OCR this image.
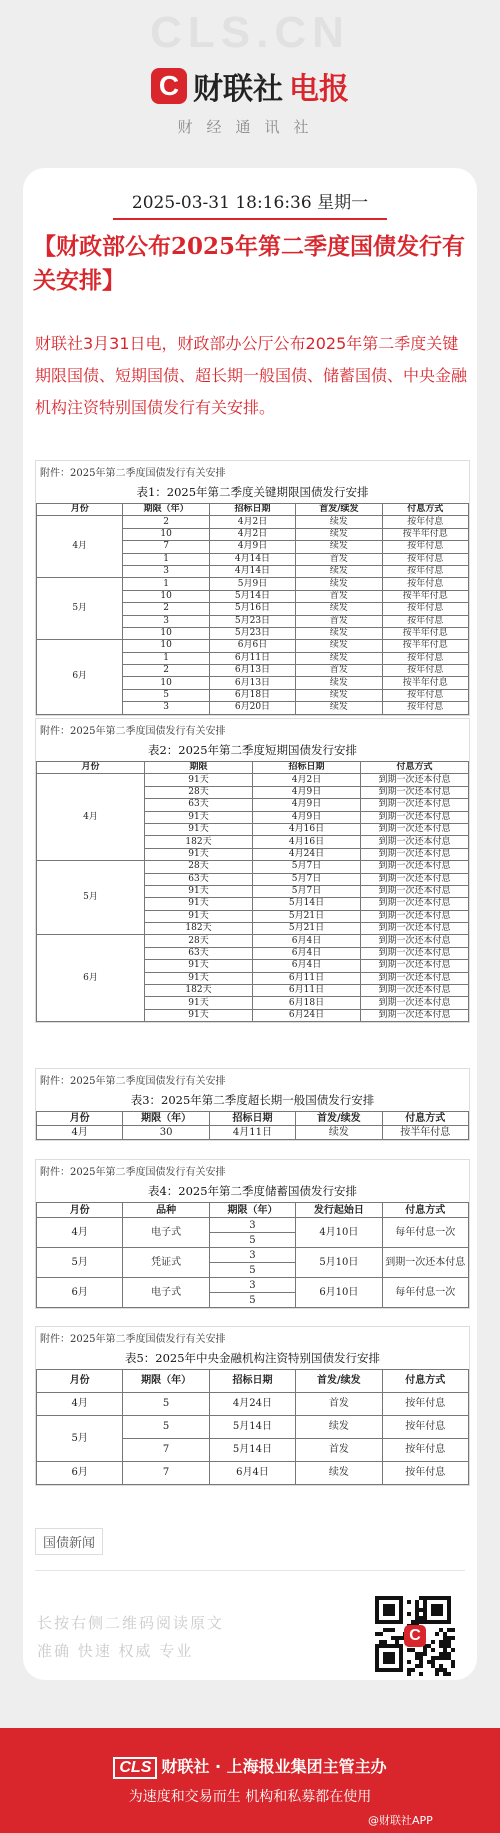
CLS.CN
C 财联社 电报
财经通讯社
2025-03-31 18:16:36 星期一
【财政部公布2025年第二季度国债发行有关安排】
财联社3月31日电，财政部办公厅公布2025年第二季度关键期限国债、短期国债、超长期一般国债、储蓄国债、中央金融机构注资特别国债发行有关安排。
附件：2025年第二季度国债发行有关安排
表1：2025年第二季度关键期限国债发行安排
月份	期限（年）	招标日期	首发/续发	付息方式
4月	2	4月2日	续发	按年付息
	10	4月2日	续发	按半年付息
	7	4月9日	续发	按年付息
	1	4月14日	首发	按年付息
	3	4月14日	续发	按年付息
5月	1	5月9日	续发	按年付息
	10	5月14日	首发	按半年付息
	2	5月16日	续发	按年付息
	3	5月23日	首发	按年付息
	10	5月23日	续发	按半年付息
6月	10	6月6日	续发	按半年付息
	1	6月11日	续发	按年付息
	2	6月13日	首发	按年付息
	10	6月13日	续发	按半年付息
	5	6月18日	续发	按年付息
	3	6月20日	续发	按年付息
附件：2025年第二季度国债发行有关安排
表2：2025年第二季度短期国债发行安排
月份	期限	招标日期	付息方式
4月	91天	4月2日	到期一次还本付息
	28天	4月9日	到期一次还本付息
	63天	4月9日	到期一次还本付息
	91天	4月9日	到期一次还本付息
	91天	4月16日	到期一次还本付息
	182天	4月16日	到期一次还本付息
	91天	4月24日	到期一次还本付息
5月	28天	5月7日	到期一次还本付息
	63天	5月7日	到期一次还本付息
	91天	5月7日	到期一次还本付息
	91天	5月14日	到期一次还本付息
	91天	5月21日	到期一次还本付息
	182天	5月21日	到期一次还本付息
6月	28天	6月4日	到期一次还本付息
	63天	6月4日	到期一次还本付息
	91天	6月4日	到期一次还本付息
	91天	6月11日	到期一次还本付息
	182天	6月11日	到期一次还本付息
	91天	6月18日	到期一次还本付息
	91天	6月24日	到期一次还本付息
附件：2025年第二季度国债发行有关安排
表3：2025年第二季度超长期一般国债发行安排
月份	期限（年）	招标日期	首发/续发	付息方式
4月	30	4月11日	续发	按半年付息
附件：2025年第二季度国债发行有关安排
表4：2025年第二季度储蓄国债发行安排
月份	品种	期限（年）	发行起始日	付息方式
4月	电子式	3	4月10日	每年付息一次
		5		
5月	凭证式	3	5月10日	到期一次还本付息
		5		
6月	电子式	3	6月10日	每年付息一次
		5		
附件：2025年第二季度国债发行有关安排
表5：2025年中央金融机构注资特别国债发行安排
月份	期限（年）	招标日期	首发/续发	付息方式
4月	5	4月24日	首发	按年付息
5月	5	5月14日	续发	按年付息
	7	5月14日	首发	按年付息
6月	7	6月4日	续发	按年付息
国债新闻
长按右侧二维码阅读原文
准确 快速 权威 专业
C
CLS 财联社 · 上海报业集团主管主办
为速度和交易而生 机构和私募都在使用
@财联社APP
